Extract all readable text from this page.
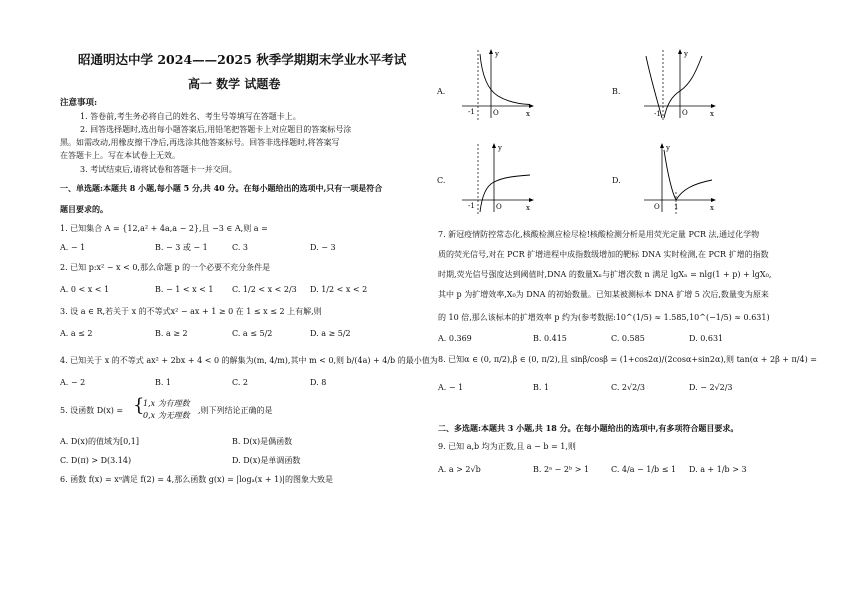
昭通明达中学 2024——2025 秋季学期期末学业水平考试
高一 数学 试题卷
注意事项:
1. 答卷前,考生务必将自己的姓名、考生号等填写在答题卡上。
2. 回答选择题时,选出每小题答案后,用铅笔把答题卡上对应题目的答案标号涂
黑。如需改动,用橡皮擦干净后,再选涂其他答案标号。回答非选择题时,将答案写
在答题卡上。写在本试卷上无效。
3. 考试结束后,请将试卷和答题卡一并交回。
一、单选题:本题共 8 小题,每小题 5 分,共 40 分。在每小题给出的选项中,只有一项是符合
题目要求的。
1. 已知集合 A = {12,a² + 4a,a − 2},且 −3 ∈ A,则 a =
A. − 1	B. − 3 或 − 1	C. 3	D. − 3
2. 已知 p:x² − x < 0,那么命题 p 的一个必要不充分条件是
A. 0 < x < 1	B. − 1 < x < 1 C. 1/2 < x < 2/3 D. 1/2 < x < 2
3. 设 a ∈ R,若关于 x 的不等式x² − ax + 1 ≥ 0 在 1 ≤ x ≤ 2 上有解,则
A. a ≤ 2	B. a ≥ 2	C. a ≤ 5/2	D. a ≥ 5/2
4. 已知关于 x 的不等式 ax² + 2bx + 4 < 0 的解集为(m, 4/m),其中 m < 0,则 b/(4a) + 4/b 的最小值为
A. − 2	B. 1	C. 2	D. 8
5. 设函数 D(x) = {
1,x 为有理数
0,x 为无理数
,则下列结论正确的是
A. D(x)的值域为[0,1]	B. D(x)是偶函数
C. D(π) > D(3.14)	D. D(x)是单调函数
6. 函数 f(x) = xᵅ满足 f(2) = 4,那么函数 g(x) = |logₐ(x + 1)|的图象大致是
A.
-1	O	x
y
B.
-1	O	x
y
C.
-1	O	x
y
D.
O 1	x
y
7. 新冠疫情防控常态化,核酸检测应检尽检!核酸检测分析是用荧光定量 PCR 法,通过化学物
质的荧光信号,对在 PCR 扩增进程中成指数级增加的靶标 DNA 实时检测,在 PCR 扩增的指数
时期,荧光信号强度达到阈值时,DNA 的数量Xₙ与扩增次数 n 满足 lgXₙ = nlg(1 + p) + lgX₀,
其中 p 为扩增效率,X₀为 DNA 的初始数量。已知某被测标本 DNA 扩增 5 次后,数量变为原来
的 10 倍,那么该标本的扩增效率 p 约为(参考数据:10^(1/5) ≈ 1.585,10^(−1/5) ≈ 0.631)
A. 0.369	B. 0.415	C. 0.585	D. 0.631
8. 已知α ∈ (0, π/2),β ∈ (0, π/2),且 sinβ/cosβ = (1+cos2α)/(2cosα+sin2α),则 tan(α + 2β + π/4) =
A. − 1	B. 1	C. 2√2/3	D. − 2√2/3
二、多选题:本题共 3 小题,共 18 分。在每小题给出的选项中,有多项符合题目要求。
9. 已知 a,b 均为正数,且 a − b = 1,则
A. a > 2√b	B. 2ᵃ − 2ᵇ > 1	C. 4/a − 1/b ≤ 1 D. a + 1/b > 3
